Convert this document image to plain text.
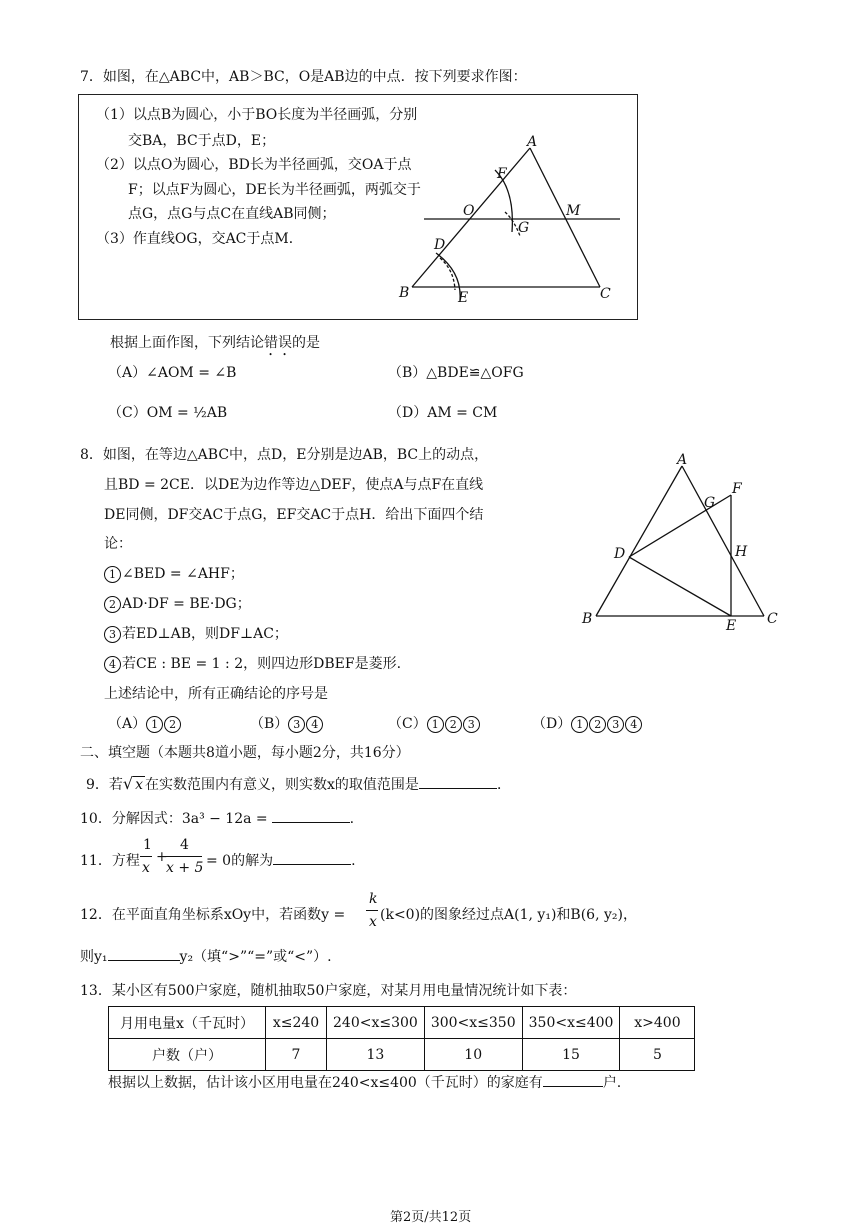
7．如图，在△ABC中，AB＞BC，O是AB边的中点．按下列要求作图：
（1）以点B为圆心，小于BO长度为半径画弧，分别
交BA，BC于点D，E；
（2）以点O为圆心，BD长为半径画弧，交OA于点
F；以点F为圆心，DE长为半径画弧，两弧交于
点G，点G与点C在直线AB同侧；
（3）作直线OG，交AC于点M．
A
F
O	M
G
D
B	E	C
根据上面作图，下列结论错误的是
（A）∠AOM = ∠B	（B）△BDE≌△OFG
（C）OM = ½AB	（D）AM = CM
8．如图，在等边△ABC中，点D，E分别是边AB，BC上的动点，
且BD = 2CE．以DE为边作等边△DEF，使点A与点F在直线
DE同侧，DF交AC于点G，EF交AC于点H．给出下面四个结
论：
1 ∠BED = ∠AHF；
2 AD·DF = BE·DG；
3 若ED⊥AB，则DF⊥AC；
4 若CE : BE = 1 : 2，则四边形DBEF是菱形.
上述结论中，所有正确结论的序号是
（A） 1 2	（B） 3 4	（C） 1 2 3	（D） 1 2 3 4
A
F
G
D	H
B	E C
二、填空题（本题共8道小题，每小题2分，共16分）
9．若√ x 在实数范围内有意义，则实数x的取值范围是	．
10．分解因式：3a³ − 12a =	.
11．方程
1
x
+
4
x + 5 = 0的解为	.
12．在平面直角坐标系xOy中，若函数y =
k
x (k<0)的图象经过点A(1, y₁)和B(6, y₂)，
则y₁	y₂（填“>”“=”或“<”）.
13．某小区有500户家庭，随机抽取50户家庭，对某月用电量情况统计如下表：
月用电量x（千瓦时）	x≤240	240<x≤300	300<x≤350	350<x≤400	x>400
户数（户）	7	13	10	15	5
根据以上数据，估计该小区用电量在240<x≤400（千瓦时）的家庭有	户.
第2页/共12页
